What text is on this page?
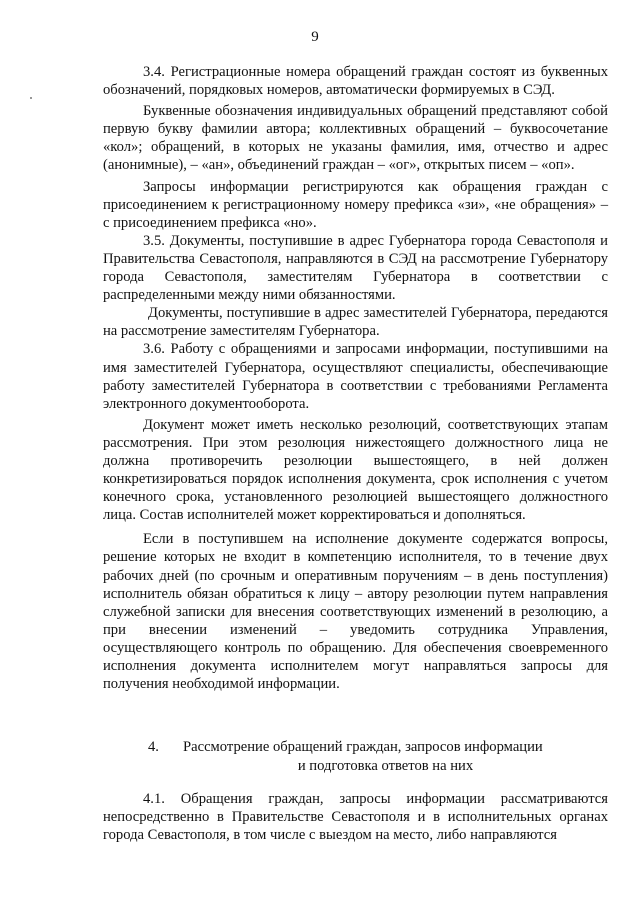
9

3.4. Регистрационные номера обращений граждан состоят из буквенных обозначений, порядковых номеров, автоматически формируемых в СЭД.

Буквенные обозначения индивидуальных обращений представляют собой первую букву фамилии автора; коллективных обращений – буквосочетание «кол»; обращений, в которых не указаны фамилия, имя, отчество и адрес (анонимные), – «ан», объединений граждан – «ог», открытых писем – «оп».

Запросы информации регистрируются как обращения граждан с присоединением к регистрационному номеру префикса «зи», «не обращения» – с присоединением префикса «но».

3.5. Документы, поступившие в адрес Губернатора города Севастополя и Правительства Севастополя, направляются в СЭД на рассмотрение Губернатору города Севастополя, заместителям Губернатора в соответствии с распределенными между ними обязанностями.

Документы, поступившие в адрес заместителей Губернатора, передаются на рассмотрение заместителям Губернатора.

3.6. Работу с обращениями и запросами информации, поступившими на имя заместителей Губернатора, осуществляют специалисты, обеспечивающие работу заместителей Губернатора в соответствии с требованиями Регламента электронного документооборота.

Документ может иметь несколько резолюций, соответствующих этапам рассмотрения. При этом резолюция нижестоящего должностного лица не должна противоречить резолюции вышестоящего, в ней должен конкретизироваться порядок исполнения документа, срок исполнения с учетом конечного срока, установленного резолюцией вышестоящего должностного лица. Состав исполнителей может корректироваться и дополняться.

Если в поступившем на исполнение документе содержатся вопросы, решение которых не входит в компетенцию исполнителя, то в течение двух рабочих дней (по срочным и оперативным поручениям – в день поступления) исполнитель обязан обратиться к лицу – автору резолюции путем направления служебной записки для внесения соответствующих изменений в резолюцию, а при внесении изменений – уведомить сотрудника Управления, осуществляющего контроль по обращению. Для обеспечения своевременного исполнения документа исполнителем могут направляться запросы для получения необходимой информации.

4.	Рассмотрение обращений граждан, запросов информации
и подготовка ответов на них

4.1. Обращения граждан, запросы информации рассматриваются непосредственно в Правительстве Севастополя и в исполнительных органах города Севастополя, в том числе с выездом на место, либо направляются
